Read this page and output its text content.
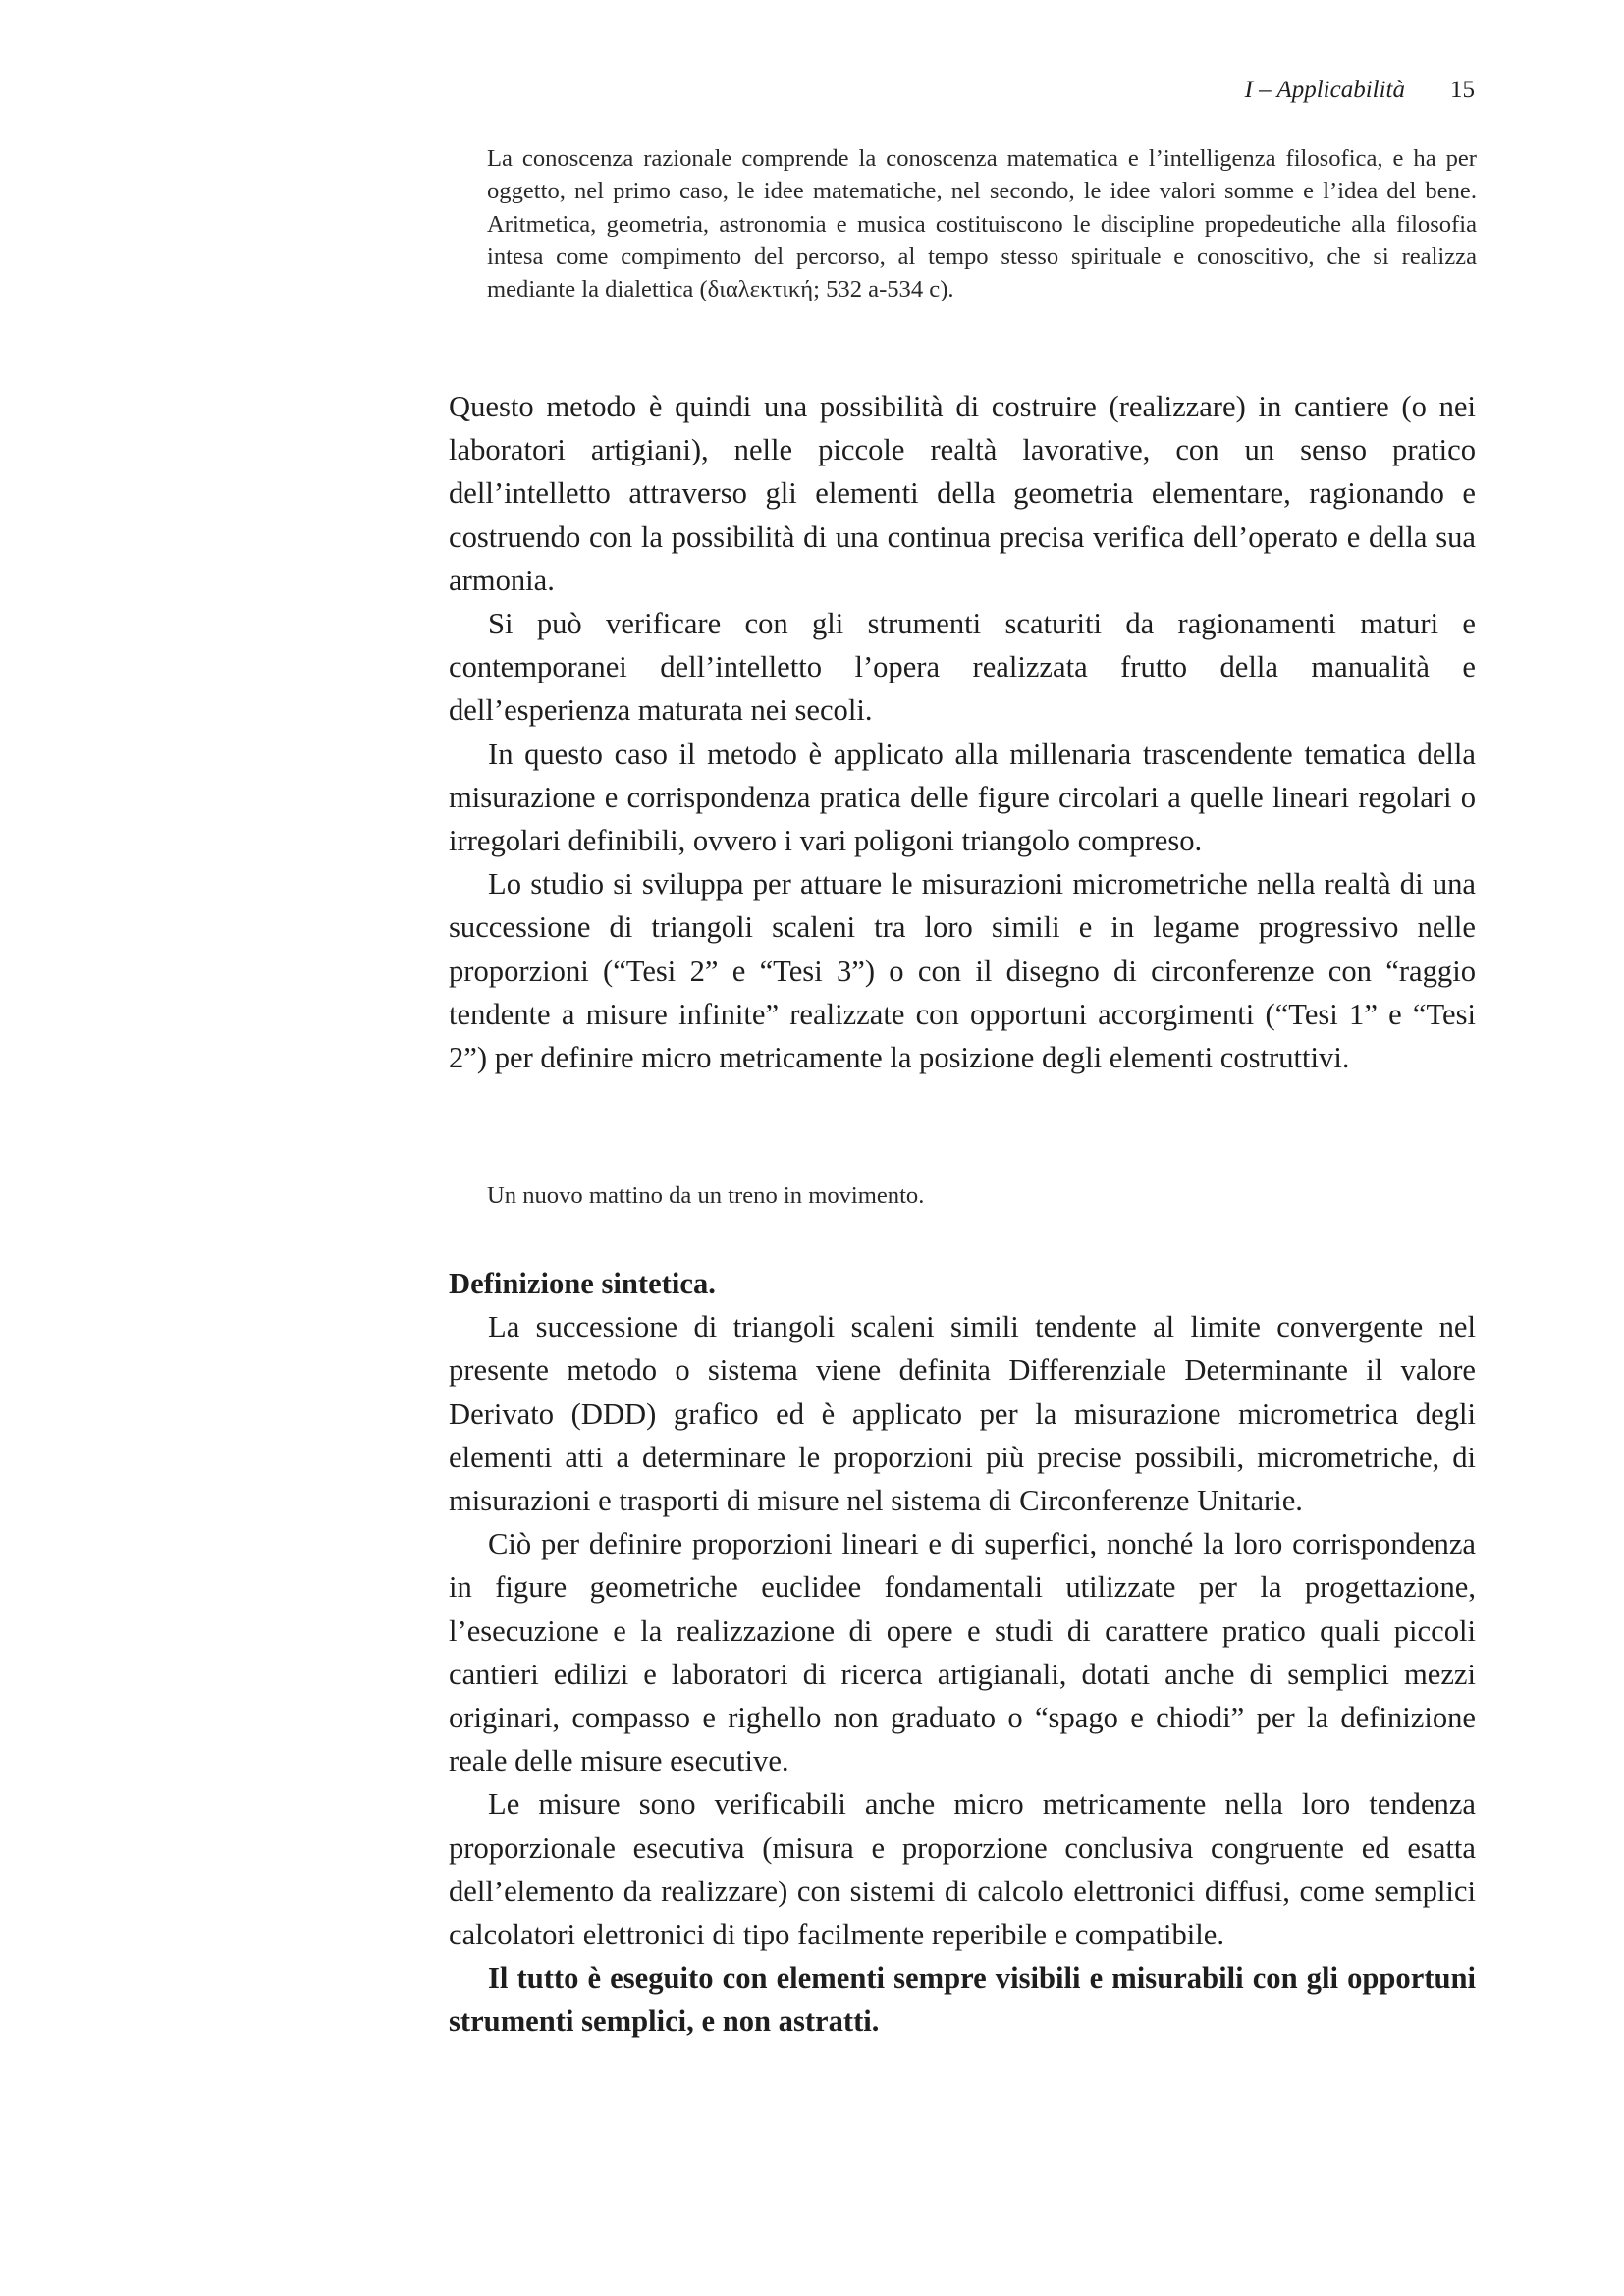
I – Applicabilità 15

La conoscenza razionale comprende la conoscenza matematica e l’intelligenza filosofica, e ha per oggetto, nel primo caso, le idee matematiche, nel secondo, le idee valori somme e l’idea del bene. Aritmetica, geometria, astronomia e musica costituiscono le discipline propedeutiche alla filosofia intesa come compimento del percorso, al tempo stesso spirituale e conoscitivo, che si realizza mediante la dialettica (διαλεκτική; 532 a-534 c).

Questo metodo è quindi una possibilità di costruire (realizzare) in cantiere (o nei laboratori artigiani), nelle piccole realtà lavorative, con un senso pratico dell’intelletto attraverso gli elementi della geometria elementare, ragionando e costruendo con la possibilità di una continua precisa verifica dell’operato e della sua armonia.

Si può verificare con gli strumenti scaturiti da ragionamenti maturi e contemporanei dell’intelletto l’opera realizzata frutto della manualità e dell’esperienza maturata nei secoli.

In questo caso il metodo è applicato alla millenaria trascendente tematica della misurazione e corrispondenza pratica delle figure circolari a quelle lineari regolari o irregolari definibili, ovvero i vari poligoni triangolo compreso.

Lo studio si sviluppa per attuare le misurazioni micrometriche nella realtà di una successione di triangoli scaleni tra loro simili e in legame progressivo nelle proporzioni (“Tesi 2” e “Tesi 3”) o con il disegno di circonferenze con “raggio tendente a misure infinite” realizzate con opportuni accorgimenti (“Tesi 1” e “Tesi 2”) per definire micro metricamente la posizione degli elementi costruttivi.

Un nuovo mattino da un treno in movimento.
Definizione sintetica.

La successione di triangoli scaleni simili tendente al limite convergente nel presente metodo o sistema viene definita Differenziale Determinante il valore Derivato (DDD) grafico ed è applicato per la misurazione micrometrica degli elementi atti a determinare le proporzioni più precise possibili, micrometriche, di misurazioni e trasporti di misure nel sistema di Circonferenze Unitarie.

Ciò per definire proporzioni lineari e di superfici, nonché la loro corrispondenza in figure geometriche euclidee fondamentali utilizzate per la progettazione, l’esecuzione e la realizzazione di opere e studi di carattere pratico quali piccoli cantieri edilizi e laboratori di ricerca artigianali, dotati anche di semplici mezzi originari, compasso e righello non graduato o “spago e chiodi” per la definizione reale delle misure esecutive.

Le misure sono verificabili anche micro metricamente nella loro tendenza proporzionale esecutiva (misura e proporzione conclusiva congruente ed esatta dell’elemento da realizzare) con sistemi di calcolo elettronici diffusi, come semplici calcolatori elettronici di tipo facilmente reperibile e compatibile.

Il tutto è eseguito con elementi sempre visibili e misurabili con gli opportuni strumenti semplici, e non astratti.
